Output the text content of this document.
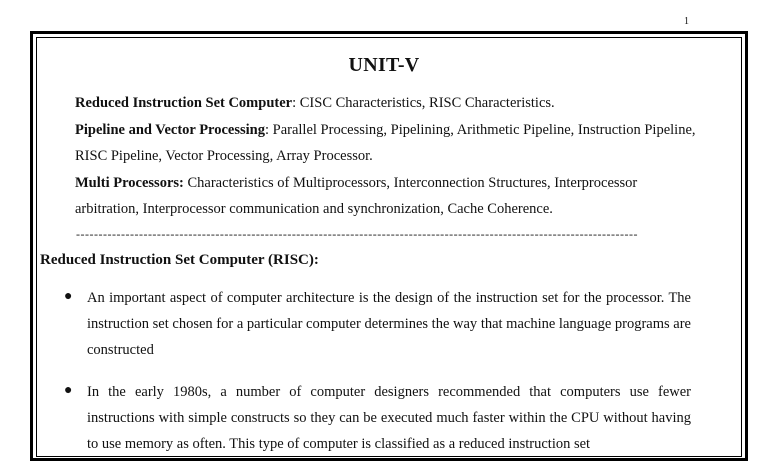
1
UNIT-V

Reduced Instruction Set Computer: CISC Characteristics, RISC Characteristics.

Pipeline and Vector Processing: Parallel Processing, Pipelining, Arithmetic Pipeline, Instruction Pipeline, RISC Pipeline, Vector Processing, Array Processor.

Multi Processors: Characteristics of Multiprocessors, Interconnection Structures, Interprocessor arbitration, Interprocessor communication and synchronization, Cache Coherence.

-----------------------------------------------------------------------------------------------------------------------------
Reduced Instruction Set Computer (RISC):
● An important aspect of computer architecture is the design of the instruction set for the processor. The instruction set chosen for a particular computer determines the way that machine language programs are constructed
● In the early 1980s, a number of computer designers recommended that computers use fewer instructions with simple constructs so they can be executed much faster within the CPU without having to use memory as often. This type of computer is classified as a reduced instruction set
